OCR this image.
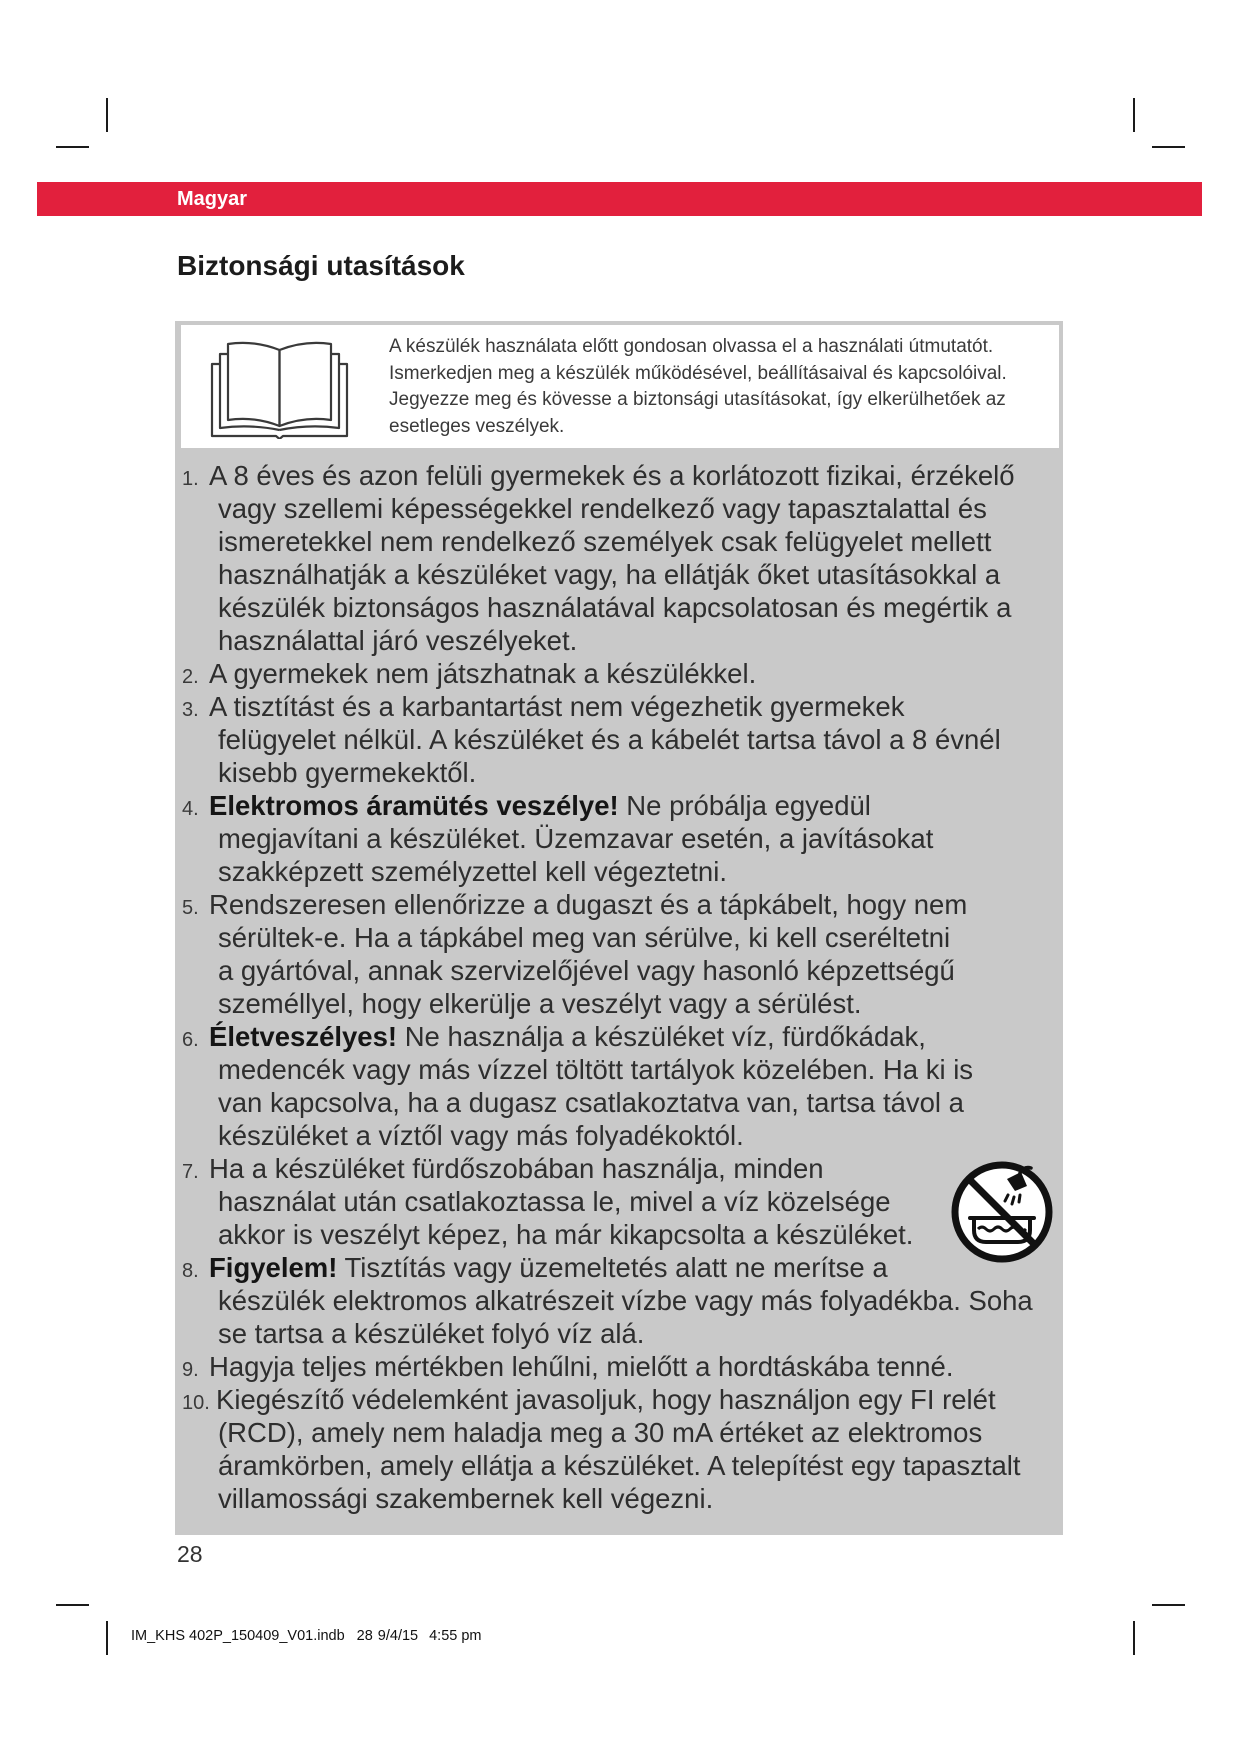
Magyar
Biztonsági utasítások
A készülék használata előtt gondosan olvassa el a használati útmutatót.
Ismerkedjen meg a készülék működésével, beállításaival és kapcsolóival.
Jegyezze meg és kövesse a biztonsági utasításokat, így elkerülhetőek az
esetleges veszélyek.
1. A 8 éves és azon felüli gyermekek és a korlátozott fizikai, érzékelő
vagy szellemi képességekkel rendelkező vagy tapasztalattal és
ismeretekkel nem rendelkező személyek csak felügyelet mellett
használhatják a készüléket vagy, ha ellátják őket utasításokkal a
készülék biztonságos használatával kapcsolatosan és megértik a
használattal járó veszélyeket.
2. A gyermekek nem játszhatnak a készülékkel.
3. A tisztítást és a karbantartást nem végezhetik gyermekek
felügyelet nélkül. A készüléket és a kábelét tartsa távol a 8 évnél
kisebb gyermekektől.
4. Elektromos áramütés veszélye! Ne próbálja egyedül
megjavítani a készüléket. Üzemzavar esetén, a javításokat
szakképzett személyzettel kell végeztetni.
5. Rendszeresen ellenőrizze a dugaszt és a tápkábelt, hogy nem
sérültek-e. Ha a tápkábel meg van sérülve, ki kell cseréltetni
a gyártóval, annak szervizelőjével vagy hasonló képzettségű
személlyel, hogy elkerülje a veszélyt vagy a sérülést.
6. Életveszélyes! Ne használja a készüléket víz, fürdőkádak,
medencék vagy más vízzel töltött tartályok közelében. Ha ki is
van kapcsolva, ha a dugasz csatlakoztatva van, tartsa távol a
készüléket a víztől vagy más folyadékoktól.
7. Ha a készüléket fürdőszobában használja, minden
használat után csatlakoztassa le, mivel a víz közelsége
akkor is veszélyt képez, ha már kikapcsolta a készüléket.
8. Figyelem! Tisztítás vagy üzemeltetés alatt ne merítse a
készülék elektromos alkatrészeit vízbe vagy más folyadékba. Soha
se tartsa a készüléket folyó víz alá.
9. Hagyja teljes mértékben lehűlni, mielőtt a hordtáskába tenné.
10. Kiegészítő védelemként javasoljuk, hogy használjon egy FI relét
(RCD), amely nem haladja meg a 30 mA értéket az elektromos
áramkörben, amely ellátja a készüléket. A telepítést egy tapasztalt
villamossági szakembernek kell végezni.
28
IM_KHS 402P_150409_V01.indb 28 9/4/15 4:55 pm
